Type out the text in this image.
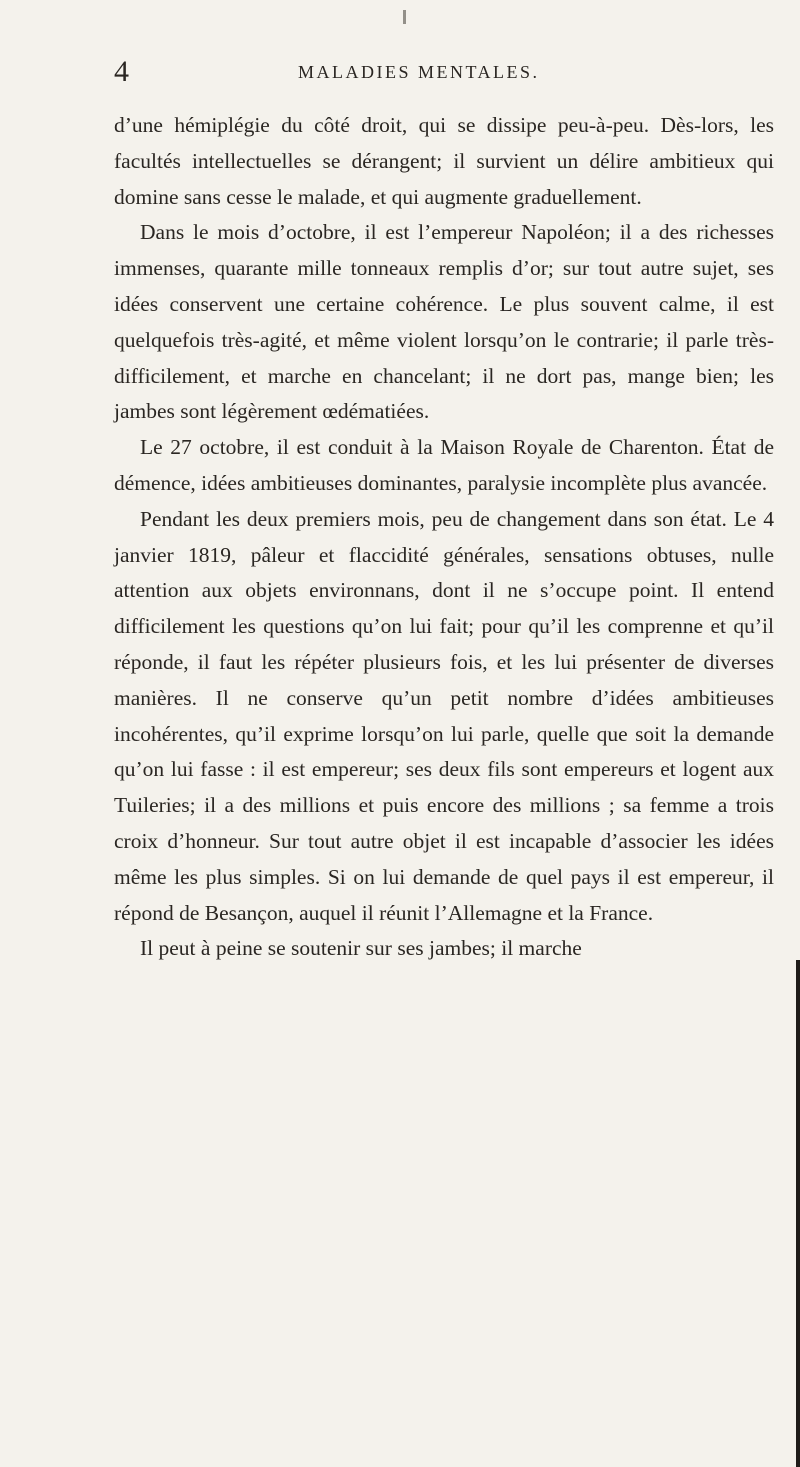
4	MALADIES MENTALES.

d’une hémiplégie du côté droit, qui se dissipe peu-à-peu. Dès-lors, les facultés intellectuelles se dérangent; il survient un délire ambitieux qui domine sans cesse le malade, et qui augmente graduellement.

Dans le mois d’octobre, il est l’empereur Napoléon; il a des richesses immenses, quarante mille tonneaux remplis d’or; sur tout autre sujet, ses idées conservent une certaine cohérence. Le plus souvent calme, il est quelquefois très-agité, et même violent lorsqu’on le contrarie; il parle très-difficilement, et marche en chancelant; il ne dort pas, mange bien; les jambes sont légèrement œdématiées.

Le 27 octobre, il est conduit à la Maison Royale de Charenton. État de démence, idées ambitieuses dominantes, paralysie incomplète plus avancée.

Pendant les deux premiers mois, peu de changement dans son état. Le 4 janvier 1819, pâleur et flaccidité générales, sensations obtuses, nulle attention aux objets environnans, dont il ne s’occupe point. Il entend difficilement les questions qu’on lui fait; pour qu’il les comprenne et qu’il réponde, il faut les répéter plusieurs fois, et les lui présenter de diverses manières. Il ne conserve qu’un petit nombre d’idées ambitieuses incohérentes, qu’il exprime lorsqu’on lui parle, quelle que soit la demande qu’on lui fasse : il est empereur; ses deux fils sont empereurs et logent aux Tuileries; il a des millions et puis encore des millions ; sa femme a trois croix d’honneur. Sur tout autre objet il est incapable d’associer les idées même les plus simples. Si on lui demande de quel pays il est empereur, il répond de Besançon, auquel il réunit l’Allemagne et la France.

Il peut à peine se soutenir sur ses jambes; il marche
